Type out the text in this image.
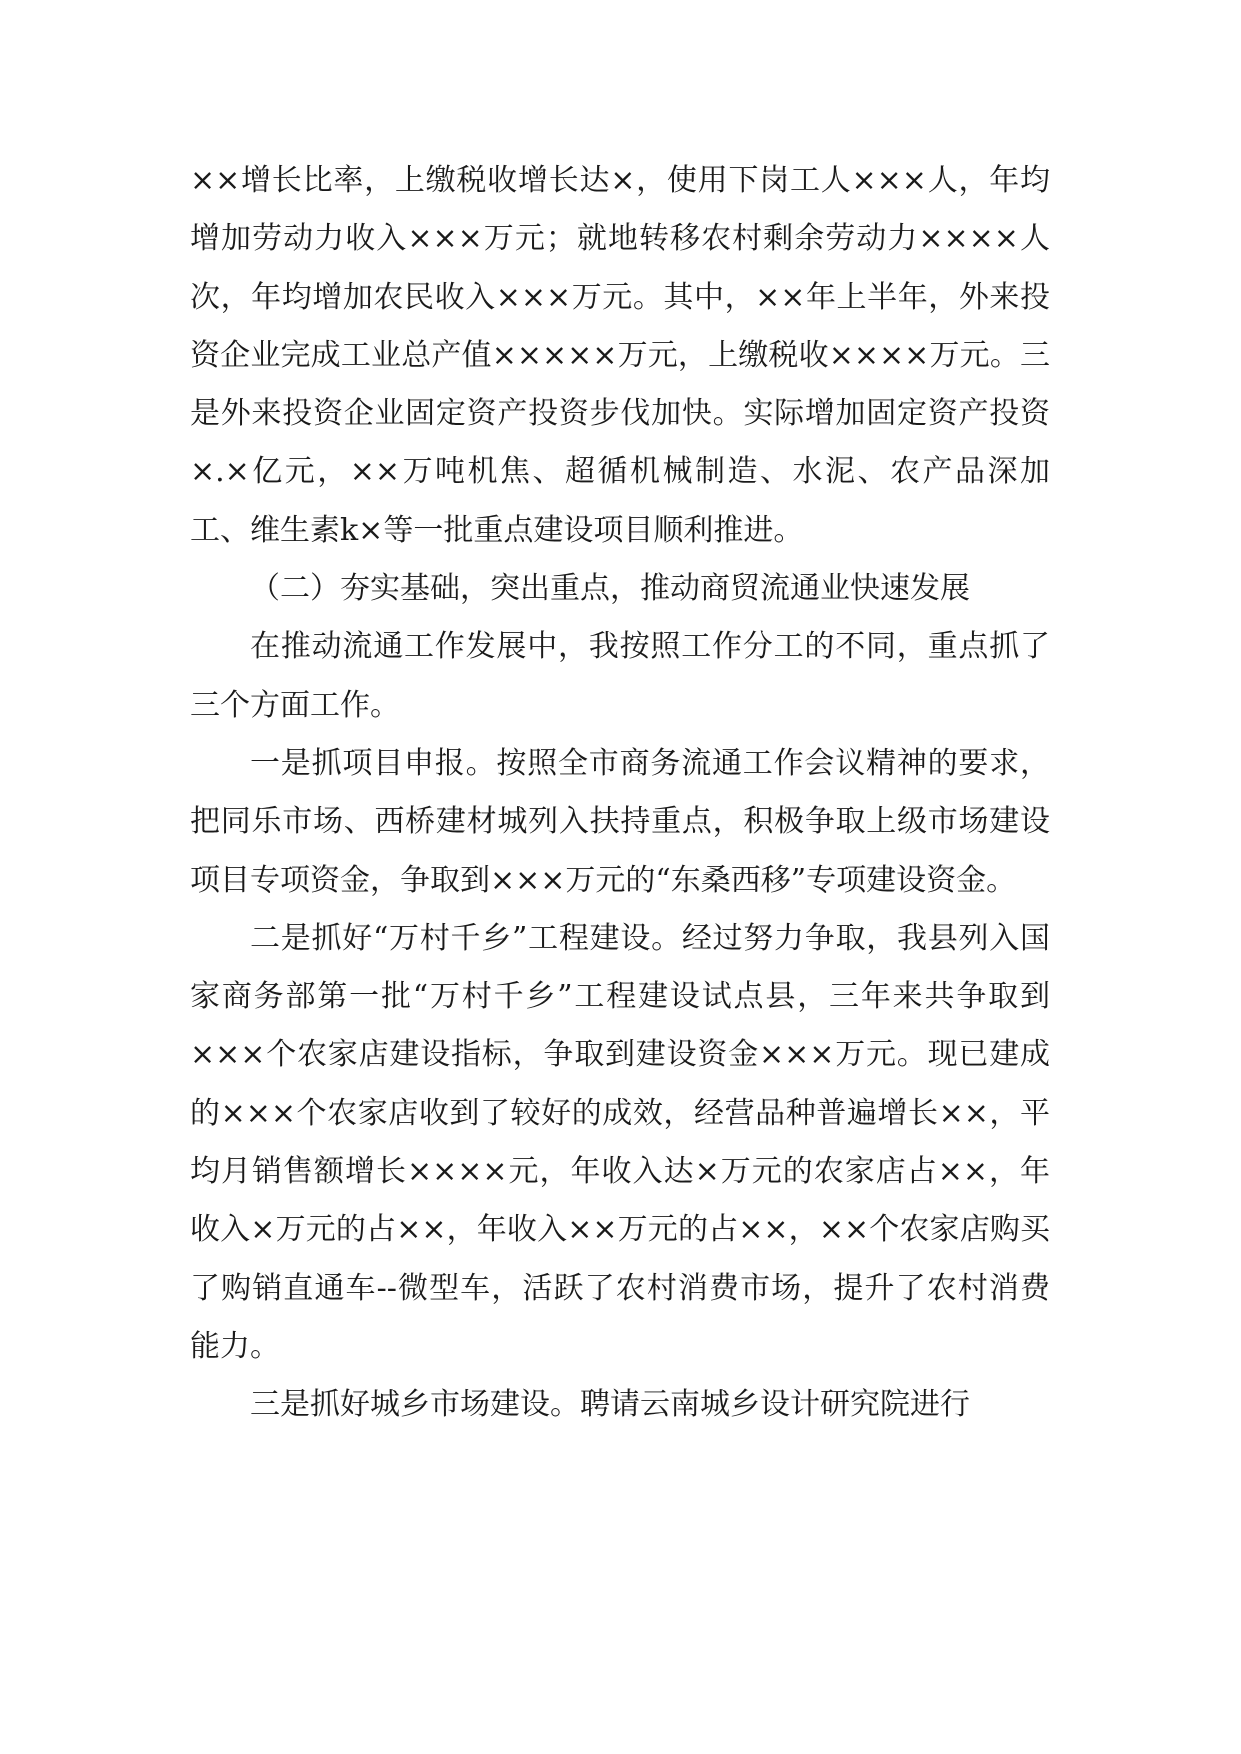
××增长比率，上缴税收增长达×，使用下岗工人×××人，年均增加劳动力收入×××万元；就地转移农村剩余劳动力××××人次，年均增加农民收入×××万元。其中，××年上半年，外来投资企业完成工业总产值×××××万元，上缴税收××××万元。三是外来投资企业固定资产投资步伐加快。实际增加固定资产投资×.×亿元，××万吨机焦、超循机械制造、水泥、农产品深加工、维生素k×等一批重点建设项目顺利推进。

（二）夯实基础，突出重点，推动商贸流通业快速发展

在推动流通工作发展中，我按照工作分工的不同，重点抓了三个方面工作。

一是抓项目申报。按照全市商务流通工作会议精神的要求，把同乐市场、西桥建材城列入扶持重点，积极争取上级市场建设项目专项资金，争取到×××万元的“东桑西移”专项建设资金。

二是抓好“万村千乡”工程建设。经过努力争取，我县列入国家商务部第一批“万村千乡”工程建设试点县，三年来共争取到×××个农家店建设指标，争取到建设资金×××万元。现已建成的×××个农家店收到了较好的成效，经营品种普遍增长××，平均月销售额增长××××元，年收入达×万元的农家店占××，年收入×万元的占××，年收入××万元的占××，××个农家店购买了购销直通车--微型车，活跃了农村消费市场，提升了农村消费能力。

三是抓好城乡市场建设。聘请云南城乡设计研究院进行
